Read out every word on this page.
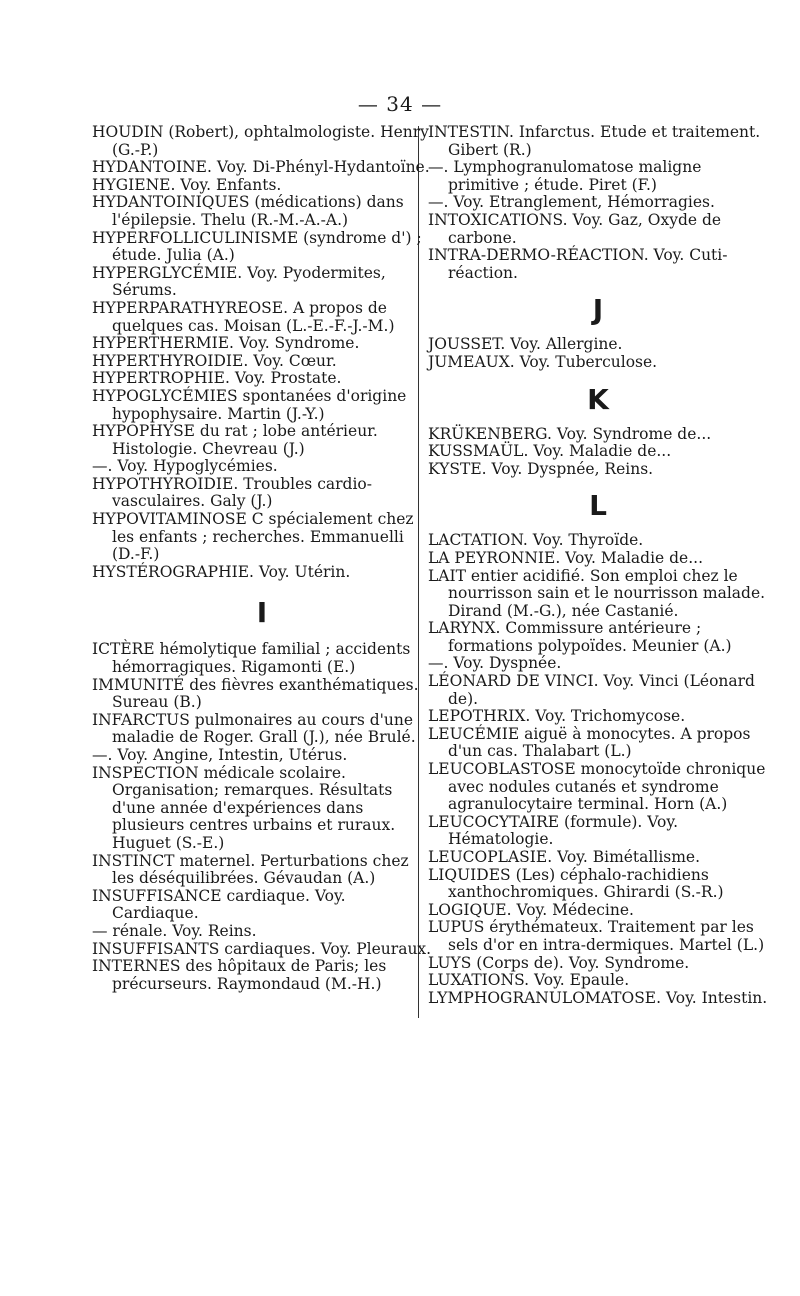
— 34 —

HOUDIN (Robert), ophtalmologiste. Henry (G.-P.)

HYDANTOINE. Voy. Di-Phényl-Hydantoïne.

HYGIENE. Voy. Enfants.

HYDANTOINIQUES (médications) dans l'épilepsie. Thelu (R.-M.-A.-A.)

HYPERFOLLICULINISME (syndrome d') ; étude. Julia (A.)

HYPERGLYCÉMIE. Voy. Pyodermites, Sérums.

HYPERPARATHYREOSE. A propos de quelques cas. Moisan (L.-E.-F.-J.-M.)

HYPERTHERMIE. Voy. Syndrome.

HYPERTHYROIDIE. Voy. Cœur.

HYPERTROPHIE. Voy. Prostate.

HYPOGLYCÉMIES spontanées d'origine hypophysaire. Martin (J.-Y.)

HYPOPHYSE du rat ; lobe antérieur. Histologie. Chevreau (J.)

—. Voy. Hypoglycémies.

HYPOTHYROIDIE. Troubles cardio-vasculaires. Galy (J.)

HYPOVITAMINOSE C spécialement chez les enfants ; recherches. Emmanuelli (D.-F.)

HYSTÉROGRAPHIE. Voy. Utérin.

I

ICTÈRE hémolytique familial ; accidents hémorragiques. Rigamonti (E.)

IMMUNITÉ des fièvres exanthématiques. Sureau (B.)

INFARCTUS pulmonaires au cours d'une maladie de Roger. Grall (J.), née Brulé.

—. Voy. Angine, Intestin, Utérus.

INSPECTION médicale scolaire. Organisation; remarques. Résultats d'une année d'expériences dans plusieurs centres urbains et ruraux. Huguet (S.-E.)

INSTINCT maternel. Perturbations chez les déséquilibrées. Gévaudan (A.)

INSUFFISANCE cardiaque. Voy. Cardiaque.

— rénale. Voy. Reins.

INSUFFISANTS cardiaques. Voy. Pleuraux.

INTERNES des hôpitaux de Paris; les précurseurs. Raymondaud (M.-H.)

INTESTIN. Infarctus. Etude et traitement. Gibert (R.)

—. Lymphogranulomatose maligne primitive ; étude. Piret (F.)

—. Voy. Etranglement, Hémorragies.

INTOXICATIONS. Voy. Gaz, Oxyde de carbone.

INTRA-DERMO-RÉACTION. Voy. Cuti-réaction.

J

JOUSSET. Voy. Allergine.

JUMEAUX. Voy. Tuberculose.

K

KRÜKENBERG. Voy. Syndrome de...

KUSSMAÜL. Voy. Maladie de...

KYSTE. Voy. Dyspnée, Reins.

L

LACTATION. Voy. Thyroïde.

LA PEYRONNIE. Voy. Maladie de...

LAIT entier acidifié. Son emploi chez le nourrisson sain et le nourrisson malade. Dirand (M.-G.), née Castanié.

LARYNX. Commissure antérieure ; formations polypoïdes. Meunier (A.)

—. Voy. Dyspnée.

LÉONARD DE VINCI. Voy. Vinci (Léonard de).

LEPOTHRIX. Voy. Trichomycose.

LEUCÉMIE aiguë à monocytes. A propos d'un cas. Thalabart (L.)

LEUCOBLASTOSE monocytoïde chronique avec nodules cutanés et syndrome agranulocytaire terminal. Horn (A.)

LEUCOCYTAIRE (formule). Voy. Hématologie.

LEUCOPLASIE. Voy. Bimétallisme.

LIQUIDES (Les) céphalo-rachidiens xanthochromiques. Ghirardi (S.-R.)

LOGIQUE. Voy. Médecine.

LUPUS érythémateux. Traitement par les sels d'or en intra-dermiques. Martel (L.)

LUYS (Corps de). Voy. Syndrome.

LUXATIONS. Voy. Epaule.

LYMPHOGRANULOMATOSE. Voy. Intestin.
